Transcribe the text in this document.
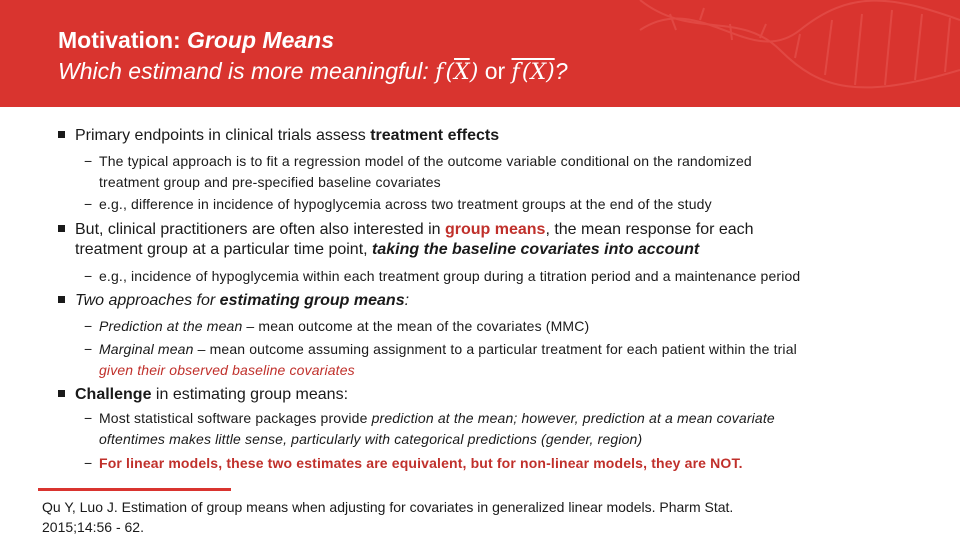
Motivation: Group Means
Which estimand is more meaningful: f $(\overline{X})$ or f (X)?
Primary endpoints in clinical trials assess treatment effects
− The typical approach is to fit a regression model of the outcome variable conditional on the randomized
treatment group and pre-specified baseline covariates
− e.g., difference in incidence of hypoglycemia across two treatment groups at the end of the study
But, clinical practitioners are often also interested in group means, the mean response for each
treatment group at a particular time point, taking the baseline covariates into account
− e.g., incidence of hypoglycemia within each treatment group during a titration period and a maintenance period
Two approaches for estimating group means:
− Prediction at the mean – mean outcome at the mean of the covariates (MMC)
− Marginal mean – mean outcome assuming assignment to a particular treatment for each patient within the trial
given their observed baseline covariates
Challenge in estimating group means:
− Most statistical software packages provide prediction at the mean; however, prediction at a mean covariate
oftentimes makes little sense, particularly with categorical predictions (gender, region)
− For linear models, these two estimates are equivalent, but for non-linear models, they are NOT.
Qu Y, Luo J. Estimation of group means when adjusting for covariates in generalized linear models. Pharm Stat.
2015;14:56 - 62.
